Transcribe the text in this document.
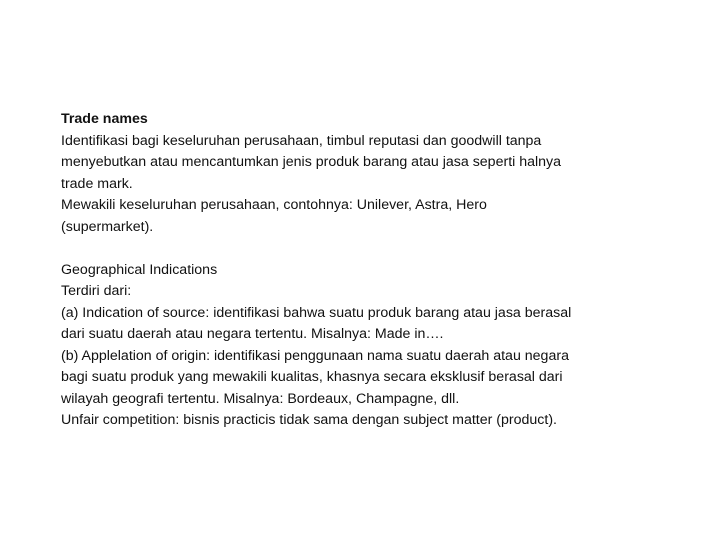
Trade names
Identifikasi bagi keseluruhan perusahaan, timbul reputasi dan goodwill tanpa
menyebutkan atau mencantumkan jenis produk barang atau jasa seperti halnya
trade mark.
Mewakili keseluruhan perusahaan, contohnya: Unilever, Astra, Hero
(supermarket).
Geographical Indications
Terdiri dari:
(a) Indication of source: identifikasi bahwa suatu produk barang atau jasa berasal
dari suatu daerah atau negara tertentu. Misalnya: Made in….
(b) Applelation of origin: identifikasi penggunaan nama suatu daerah atau negara
bagi suatu produk yang mewakili kualitas, khasnya secara eksklusif berasal dari
wilayah geografi tertentu. Misalnya: Bordeaux, Champagne, dll.
Unfair competition: bisnis practicis tidak sama dengan subject matter (product).
